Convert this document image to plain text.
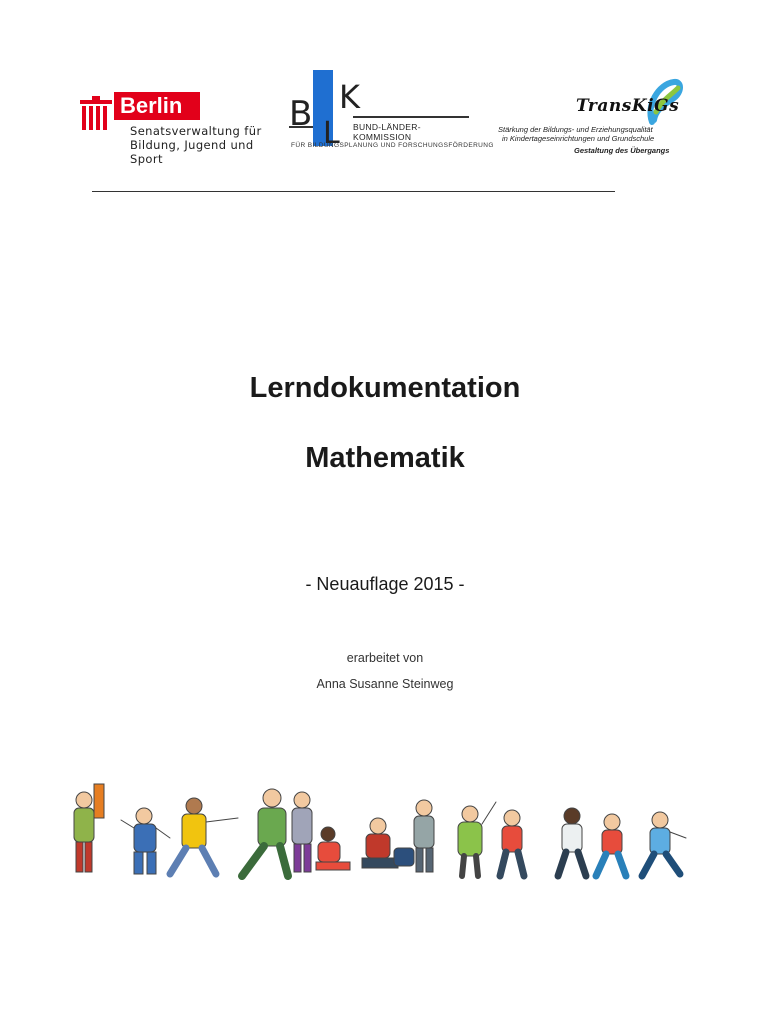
Berlin
Senatsverwaltung für
Bildung, Jugend und Sport
B L
K
BUND-LÄNDER-KOMMISSION
FÜR BILDUNGSPLANUNG UND FORSCHUNGSFÖRDERUNG
TransKiGs
Stärkung der Bildungs- und Erziehungsqualität
in Kindertageseinrichtungen und Grundschule
Gestaltung des Übergangs
Lerndokumentation
Mathematik
- Neuauflage 2015 -
erarbeitet von
Anna Susanne Steinweg
